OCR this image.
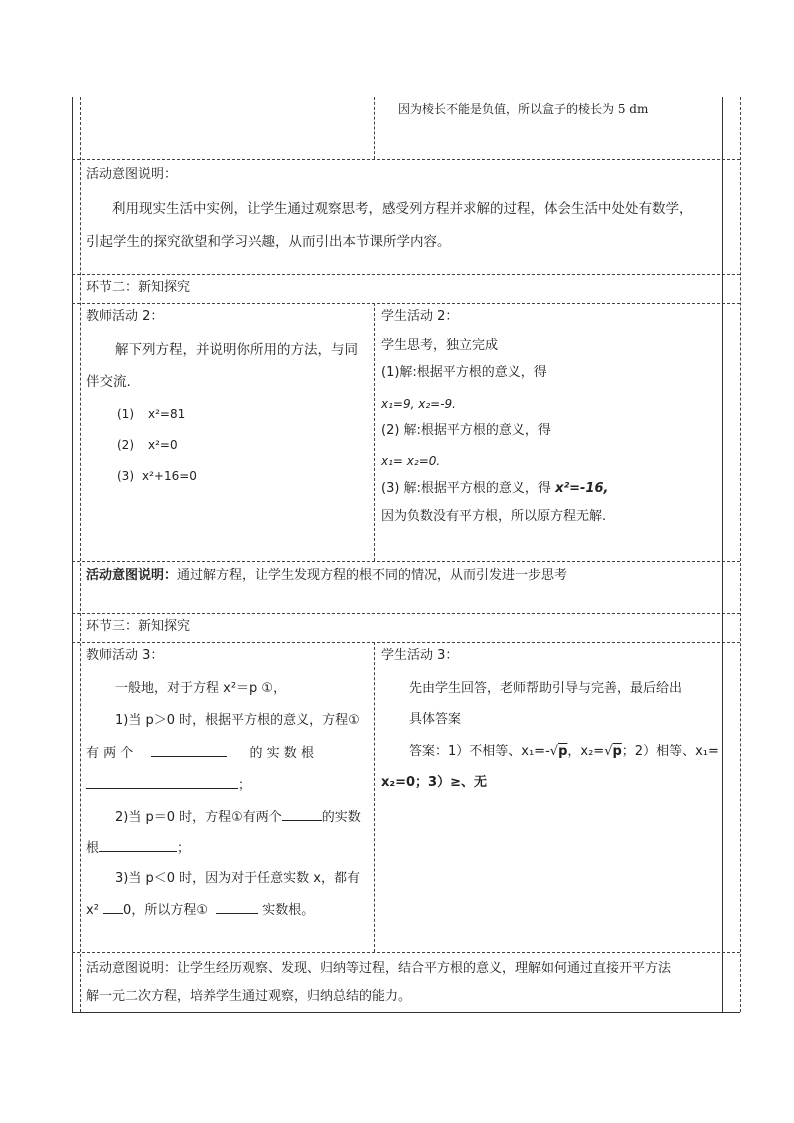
因为棱长不能是负值，所以盒子的棱长为 5 dm
活动意图说明：
利用现实生活中实例，让学生通过观察思考，感受列方程并求解的过程，体会生活中处处有数学，
引起学生的探究欲望和学习兴趣，从而引出本节课所学内容。
环节二：新知探究
教师活动 2：
解下列方程，并说明你所用的方法，与同
伴交流.
(1) x²=81
(2) x²=0
(3) x²+16=0
学生活动 2：
学生思考，独立完成
(1)解:根据平方根的意义，得
x₁=9, x₂=-9.
(2) 解:根据平方根的意义，得
x₁= x₂=0.
(3) 解:根据平方根的意义，得 x²=-16,
因为负数没有平方根，所以原方程无解.
活动意图说明：通过解方程，让学生发现方程的根不同的情况，从而引发进一步思考
环节三：新知探究
教师活动 3：
一般地，对于方程 x²＝p ①，
1)当 p＞0 时，根据平方根的意义，方程①
有 两 个	的 实 数 根
；
2)当 p＝0 时，方程①有两个	的实数
根	；
3)当 p＜0 时，因为对于任意实数 x，都有
x² 0，所以方程①	实数根。
学生活动 3：
先由学生回答，老师帮助引导与完善，最后给出
具体答案
答案：1）不相等、x₁=-√p，x₂=√p；2）相等、x₁=
x₂=0；3）≥、无
活动意图说明：让学生经历观察、发现、归纳等过程，结合平方根的意义，理解如何通过直接开平方法
解一元二次方程，培养学生通过观察，归纳总结的能力。
